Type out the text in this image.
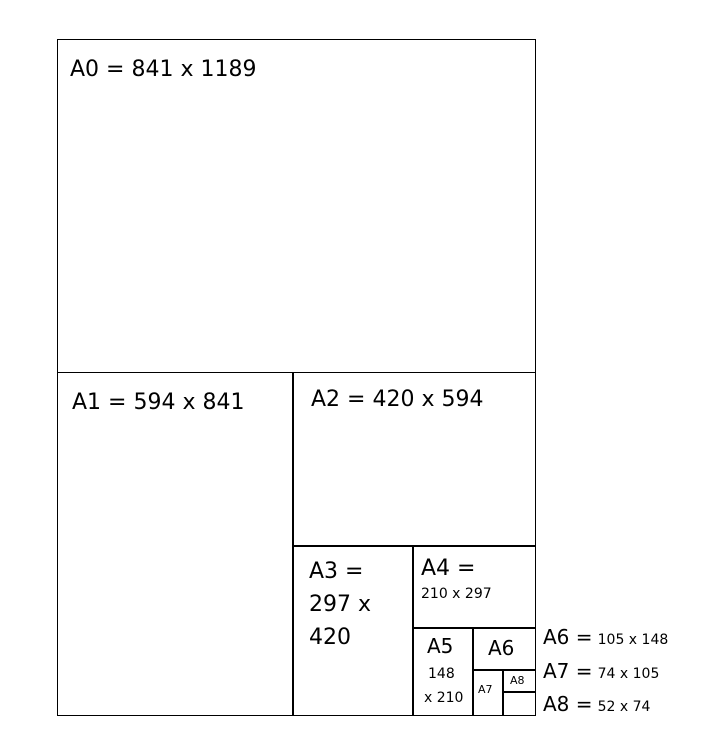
A0 = 841 x 1189
A1 = 594 x 841	A2 = 420 x 594
A3 =
297 x
420
A4 =
210 x 297
A5
148
x 210
A6
A7
A8
A6 = 105 x 148
A7 = 74 x 105
A8 = 52 x 74
